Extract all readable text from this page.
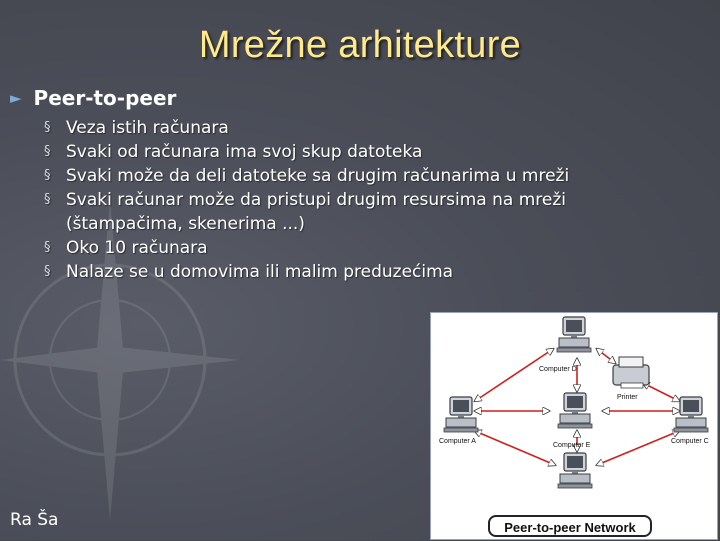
Mrežne arhitekture
► Peer-to-peer
§ Veza istih računara
§ Svaki od računara ima svoj skup datoteka
§ Svaki može da deli datoteke sa drugim računarima u mreži
§ Svaki računar može da pristupi drugim resursima na mreži (štampačima, skenerima ...)
§ Oko 10 računara
§ Nalaze se u domovima ili malim preduzećima
Computer D
Printer
Computer A
Computer E
Computer C
Peer-to-peer Network
Ra Ša
